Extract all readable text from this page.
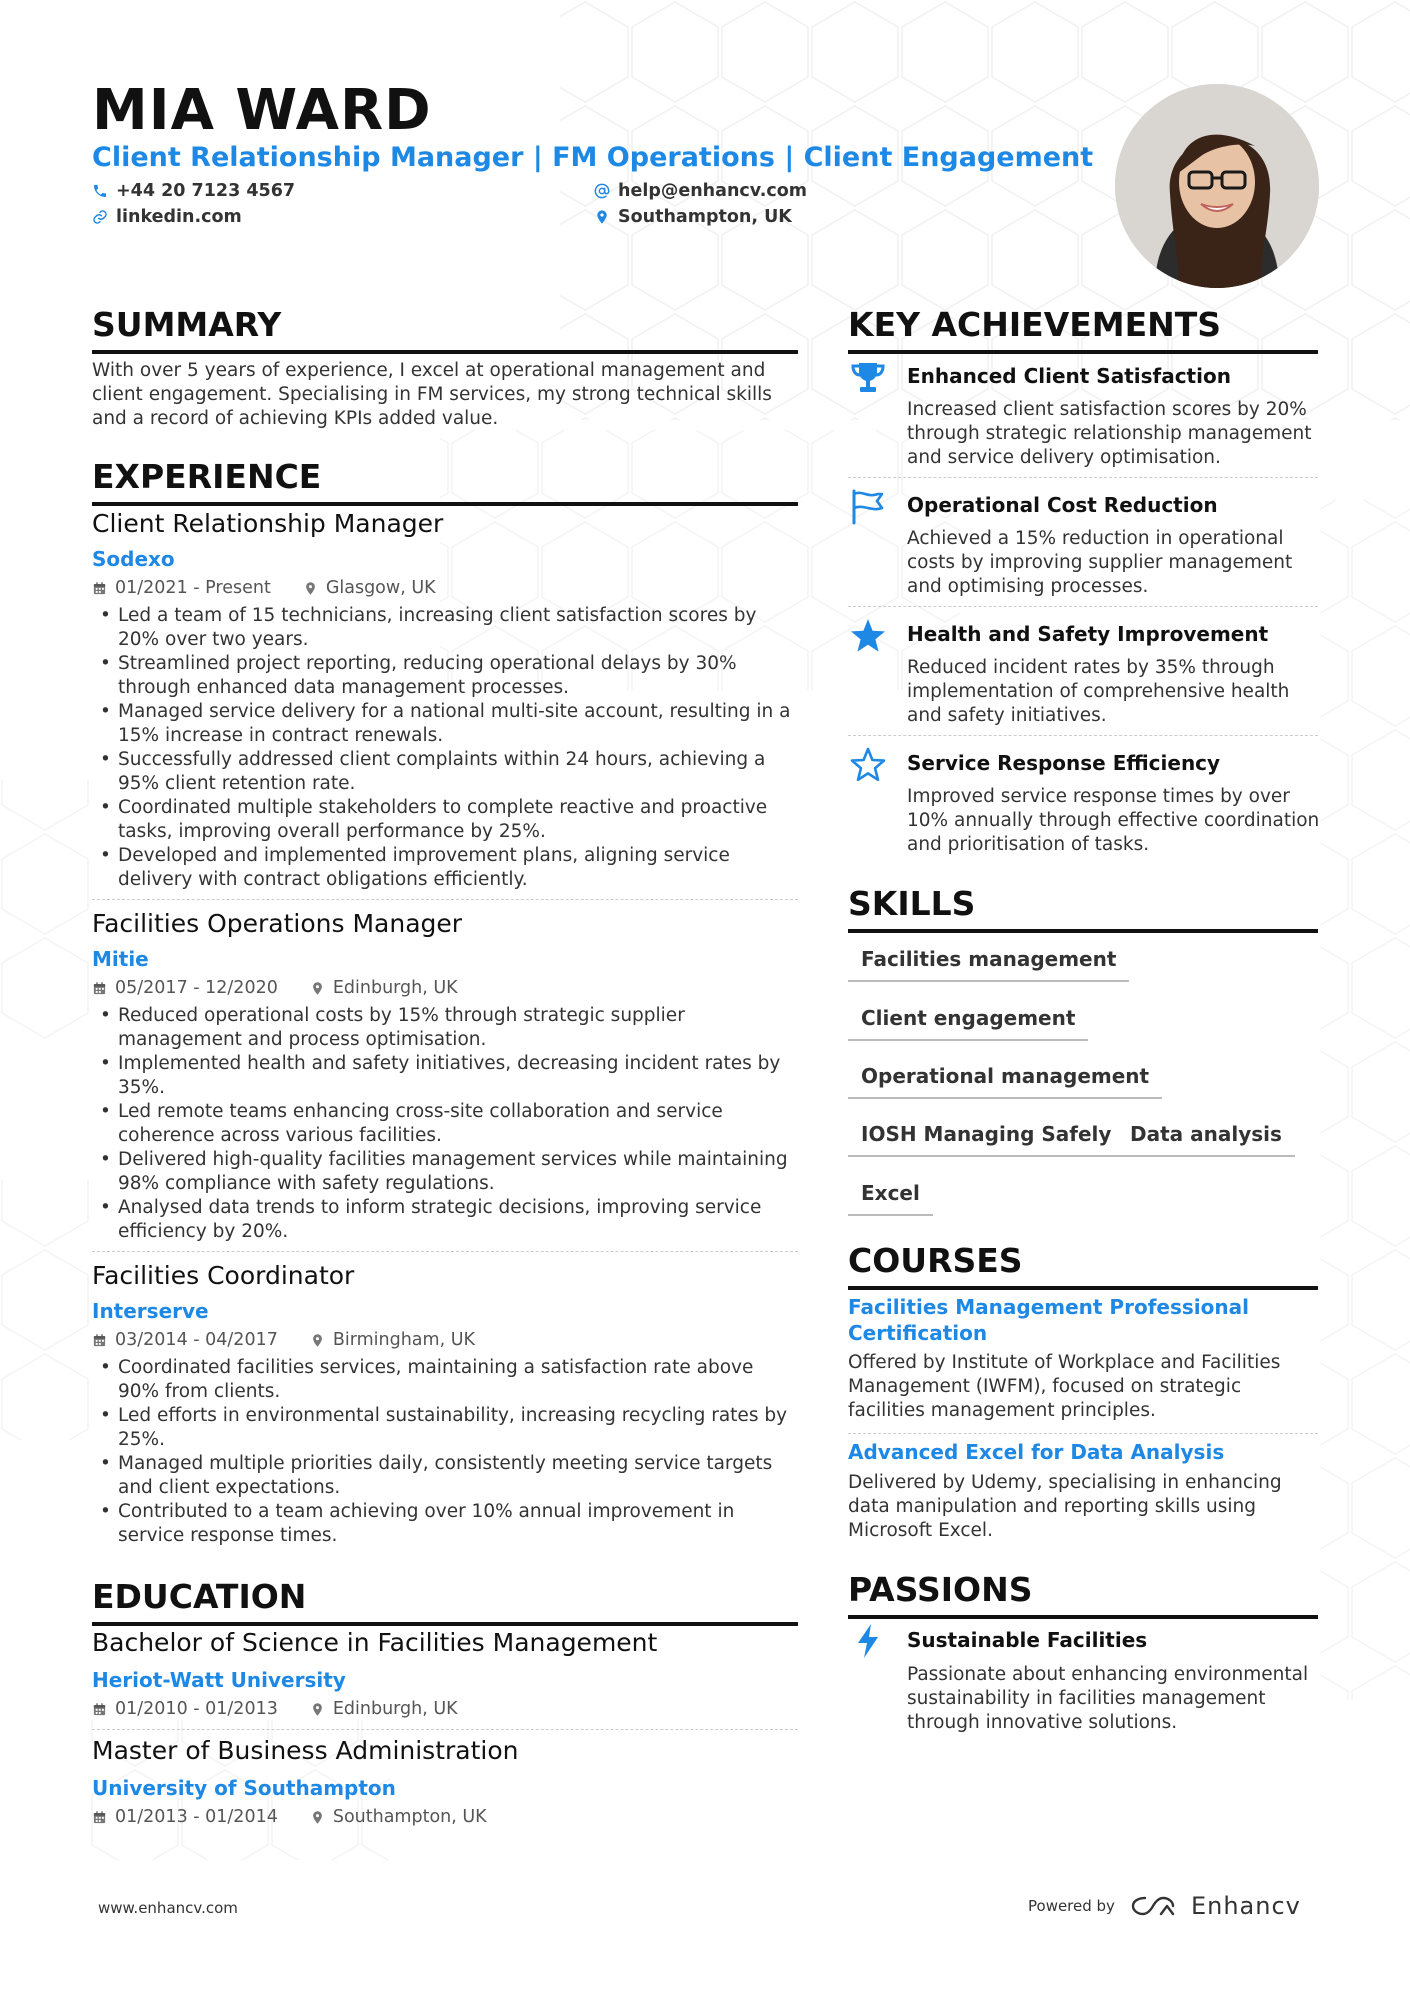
MIA WARD
Client Relationship Manager | FM Operations | Client Engagement
+44 20 7123 4567
linkedin.com
help@enhancv.com
Southampton, UK
SUMMARY
With over 5 years of experience, I excel at operational management and client engagement. Specialising in FM services, my strong technical skills and a record of achieving KPIs added value.
EXPERIENCE
Client Relationship Manager
Sodexo
01/2021 - Present	Glasgow, UK
• Led a team of 15 technicians, increasing client satisfaction scores by 20% over two years.
• Streamlined project reporting, reducing operational delays by 30% through enhanced data management processes.
• Managed service delivery for a national multi-site account, resulting in a 15% increase in contract renewals.
• Successfully addressed client complaints within 24 hours, achieving a 95% client retention rate.
• Coordinated multiple stakeholders to complete reactive and proactive tasks, improving overall performance by 25%.
• Developed and implemented improvement plans, aligning service delivery with contract obligations efficiently.
Facilities Operations Manager
Mitie
05/2017 - 12/2020	Edinburgh, UK
• Reduced operational costs by 15% through strategic supplier management and process optimisation.
• Implemented health and safety initiatives, decreasing incident rates by 35%.
• Led remote teams enhancing cross-site collaboration and service coherence across various facilities.
• Delivered high-quality facilities management services while maintaining 98% compliance with safety regulations.
• Analysed data trends to inform strategic decisions, improving service efficiency by 20%.
Facilities Coordinator
Interserve
03/2014 - 04/2017	Birmingham, UK
• Coordinated facilities services, maintaining a satisfaction rate above 90% from clients.
• Led efforts in environmental sustainability, increasing recycling rates by 25%.
• Managed multiple priorities daily, consistently meeting service targets and client expectations.
• Contributed to a team achieving over 10% annual improvement in service response times.
EDUCATION
Bachelor of Science in Facilities Management
Heriot-Watt University
01/2010 - 01/2013	Edinburgh, UK
Master of Business Administration
University of Southampton
01/2013 - 01/2014	Southampton, UK
KEY ACHIEVEMENTS
Enhanced Client Satisfaction
Increased client satisfaction scores by 20% through strategic relationship management and service delivery optimisation.
Operational Cost Reduction
Achieved a 15% reduction in operational costs by improving supplier management and optimising processes.
Health and Safety Improvement
Reduced incident rates by 35% through implementation of comprehensive health and safety initiatives.
Service Response Efficiency
Improved service response times by over 10% annually through effective coordination and prioritisation of tasks.
SKILLS
Facilities management
Client engagement
Operational management
IOSH Managing Safely Data analysis
Excel
COURSES
Facilities Management Professional Certification
Offered by Institute of Workplace and Facilities Management (IWFM), focused on strategic facilities management principles.
Advanced Excel for Data Analysis
Delivered by Udemy, specialising in enhancing data manipulation and reporting skills using Microsoft Excel.
PASSIONS
Sustainable Facilities
Passionate about enhancing environmental sustainability in facilities management through innovative solutions.
www.enhancv.com	Powered by	Enhancv
